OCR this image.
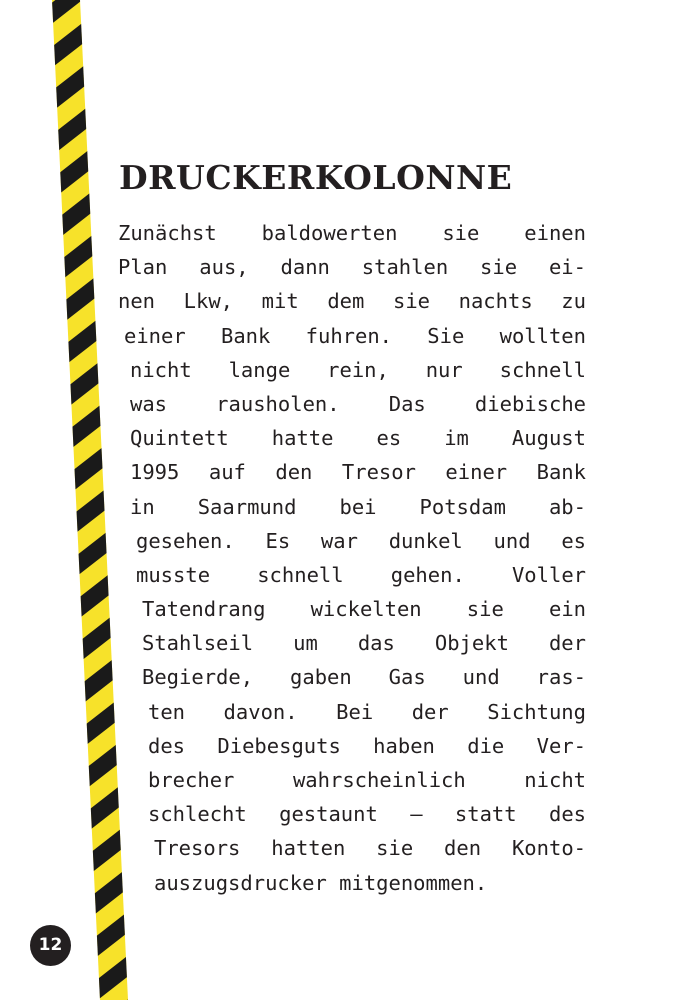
DRUCKERKOLONNE
Zunächst baldowerten sie einen
Plan aus, dann stahlen sie ei-
nen Lkw, mit dem sie nachts zu
einer Bank fuhren. Sie wollten
nicht lange rein, nur schnell
was rausholen. Das diebische
Quintett hatte es im August
1995 auf den Tresor einer Bank
in Saarmund bei Potsdam ab-
gesehen. Es war dunkel und es
musste schnell gehen. Voller
Tatendrang wickelten sie ein
Stahlseil um das Objekt der
Begierde, gaben Gas und ras-
ten davon. Bei der Sichtung
des Diebesguts haben die Ver-
brecher wahrscheinlich nicht
schlecht gestaunt – statt des
Tresors hatten sie den Konto-
auszugsdrucker mitgenommen.
12
